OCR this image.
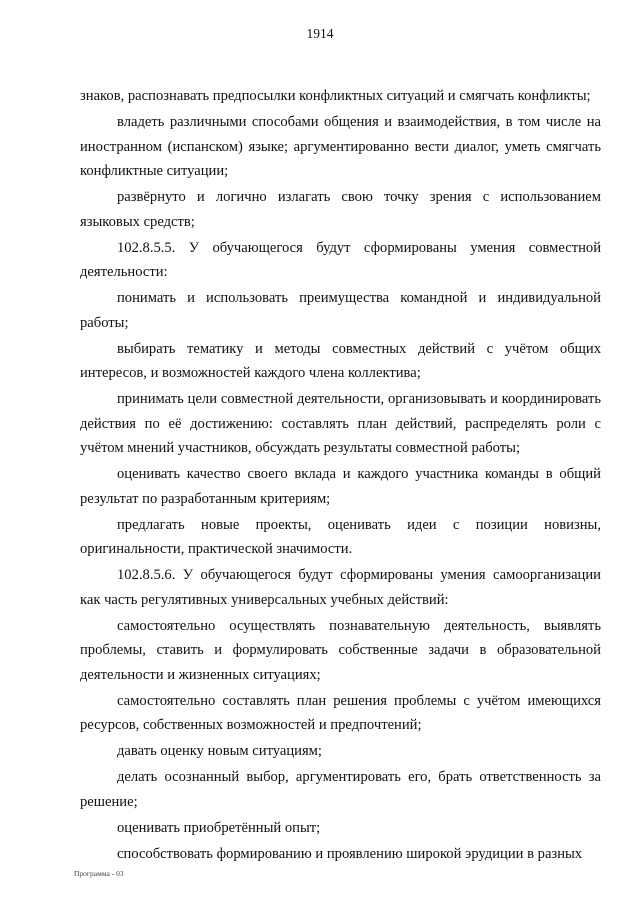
1914

знаков, распознавать предпосылки конфликтных ситуаций и смягчать конфликты;

владеть различными способами общения и взаимодействия, в том числе на иностранном (испанском) языке; аргументированно вести диалог, уметь смягчать конфликтные ситуации;

развёрнуто и логично излагать свою точку зрения с использованием языковых средств;

102.8.5.5. У обучающегося будут сформированы умения совместной деятельности:

понимать и использовать преимущества командной и индивидуальной работы;

выбирать тематику и методы совместных действий с учётом общих интересов, и возможностей каждого члена коллектива;

принимать цели совместной деятельности, организовывать и координировать действия по её достижению: составлять план действий, распределять роли с учётом мнений участников, обсуждать результаты совместной работы;

оценивать качество своего вклада и каждого участника команды в общий результат по разработанным критериям;

предлагать новые проекты, оценивать идеи с позиции новизны, оригинальности, практической значимости.

102.8.5.6. У обучающегося будут сформированы умения самоорганизации как часть регулятивных универсальных учебных действий:

самостоятельно осуществлять познавательную деятельность, выявлять проблемы, ставить и формулировать собственные задачи в образовательной деятельности и жизненных ситуациях;

самостоятельно составлять план решения проблемы с учётом имеющихся ресурсов, собственных возможностей и предпочтений;

давать оценку новым ситуациям;

делать осознанный выбор, аргументировать его, брать ответственность за решение;

оценивать приобретённый опыт;

способствовать формированию и проявлению широкой эрудиции в разных

Программа - 03
